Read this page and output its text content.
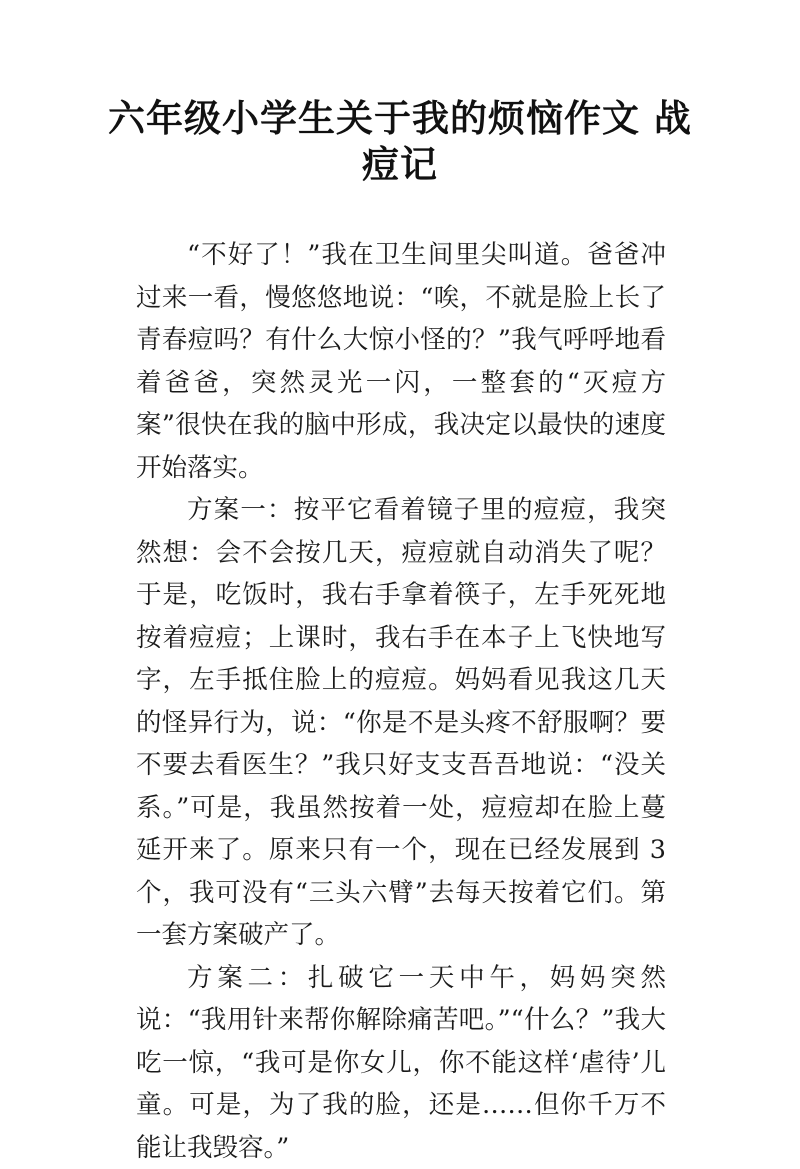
六年级小学生关于我的烦恼作文 战痘记

“不好了！”我在卫生间里尖叫道。爸爸冲过来一看，慢悠悠地说：“唉，不就是脸上长了青春痘吗？有什么大惊小怪的？”我气呼呼地看着爸爸，突然灵光一闪，一整套的“灭痘方案”很快在我的脑中形成，我决定以最快的速度开始落实。

方案一：按平它看着镜子里的痘痘，我突然想：会不会按几天，痘痘就自动消失了呢？于是，吃饭时，我右手拿着筷子，左手死死地按着痘痘；上课时，我右手在本子上飞快地写字，左手抵住脸上的痘痘。妈妈看见我这几天的怪异行为，说：“你是不是头疼不舒服啊？要不要去看医生？”我只好支支吾吾地说：“没关系。”可是，我虽然按着一处，痘痘却在脸上蔓延开来了。原来只有一个，现在已经发展到 3 个，我可没有“三头六臂”去每天按着它们。第一套方案破产了。

方案二：扎破它一天中午，妈妈突然说：“我用针来帮你解除痛苦吧。”“什么？”我大吃一惊，“我可是你女儿，你不能这样‘虐待’儿童。可是，为了我的脸，还是……但你千万不能让我毁容。”
